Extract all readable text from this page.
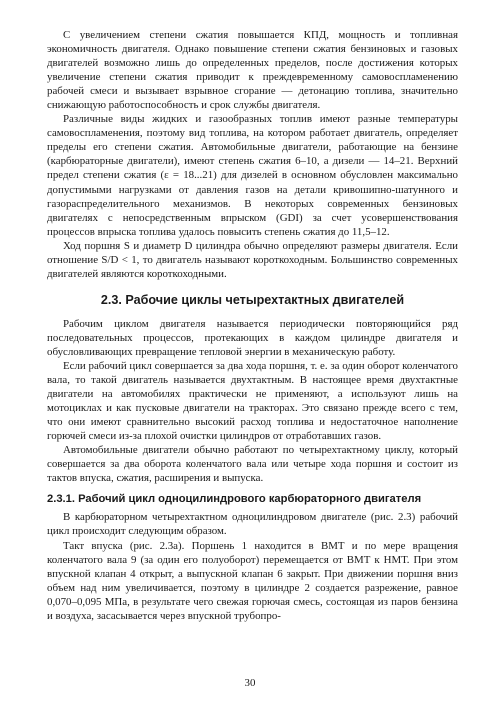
С увеличением степени сжатия повышается КПД, мощность и топливная экономичность двигателя. Однако повышение степени сжатия бензиновых и газовых двигателей возможно лишь до определенных пределов, после достижения которых увеличение степени сжатия приводит к преждевременному самовоспламенению рабочей смеси и вызывает взрывное сгорание — детонацию топлива, значительно снижающую работоспособность и срок службы двигателя.

Различные виды жидких и газообразных топлив имеют разные температуры самовоспламенения, поэтому вид топлива, на котором работает двигатель, определяет пределы его степени сжатия. Автомобильные двигатели, работающие на бензине (карбюраторные двигатели), имеют степень сжатия 6–10, а дизели — 14–21. Верхний предел степени сжатия (ε = 18...21) для дизелей в основном обусловлен максимально допустимыми нагрузками от давления газов на детали кривошипно-шатунного и газораспределительного механизмов. В некоторых современных бензиновых двигателях с непосредственным впрыском (GDI) за счет усовершенствования процессов впрыска топлива удалось повысить степень сжатия до 11,5–12.

Ход поршня S и диаметр D цилиндра обычно определяют размеры двигателя. Если отношение S/D < 1, то двигатель называют короткоходным. Большинство современных двигателей являются короткоходными.

2.3. Рабочие циклы четырехтактных двигателей

Рабочим циклом двигателя называется периодически повторяющийся ряд последовательных процессов, протекающих в каждом цилиндре двигателя и обусловливающих превращение тепловой энергии в механическую работу.

Если рабочий цикл совершается за два хода поршня, т. е. за один оборот коленчатого вала, то такой двигатель называется двухтактным. В настоящее время двухтактные двигатели на автомобилях практически не применяют, а используют лишь на мотоциклах и как пусковые двигатели на тракторах. Это связано прежде всего с тем, что они имеют сравнительно высокий расход топлива и недостаточное наполнение горючей смеси из-за плохой очистки цилиндров от отработавших газов.

Автомобильные двигатели обычно работают по четырехтактному циклу, который совершается за два оборота коленчатого вала или четыре хода поршня и состоит из тактов впуска, сжатия, расширения и выпуска.

2.3.1. Рабочий цикл одноцилиндрового карбюраторного двигателя

В карбюраторном четырехтактном одноцилиндровом двигателе (рис. 2.3) рабочий цикл происходит следующим образом.

Такт впуска (рис. 2.3а). Поршень 1 находится в ВМТ и по мере вращения коленчатого вала 9 (за один его полуоборот) перемещается от ВМТ к НМТ. При этом впускной клапан 4 открыт, а выпускной клапан 6 закрыт. При движении поршня вниз объем над ним увеличивается, поэтому в цилиндре 2 создается разрежение, равное 0,070–0,095 МПа, в результате чего свежая горючая смесь, состоящая из паров бензина и воздуха, засасывается через впускной трубопро-

30
